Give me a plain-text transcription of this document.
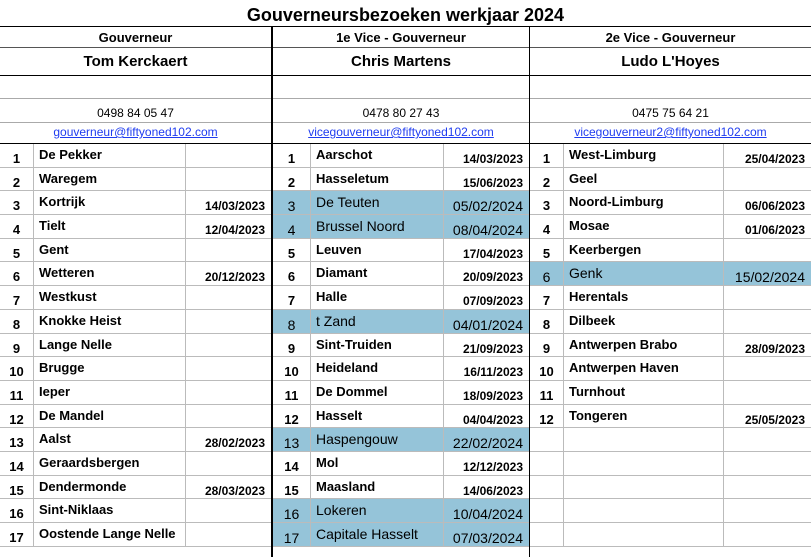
Gouverneursbezoeken werkjaar 2024
Gouverneur
Tom Kerckaert
0498 84 05 47
gouverneur@fiftyoned102.com
1	De Pekker
2	Waregem
3	Kortrijk	14/03/2023
4	Tielt	12/04/2023
5	Gent
6	Wetteren	20/12/2023
7	Westkust
8	Knokke Heist
9	Lange Nelle
10	Brugge
11	Ieper
12	De Mandel
13	Aalst	28/02/2023
14	Geraardsbergen
15	Dendermonde	28/03/2023
16	Sint-Niklaas
17	Oostende Lange Nelle
1e Vice - Gouverneur
Chris Martens
0478 80 27 43
vicegouverneur@fiftyoned102.com
1	Aarschot	14/03/2023
2	Hasseletum	15/06/2023
3	De Teuten	05/02/2024
4	Brussel Noord	08/04/2024
5	Leuven	17/04/2023
6	Diamant	20/09/2023
7	Halle	07/09/2023
8	t Zand	04/01/2024
9	Sint-Truiden	21/09/2023
10	Heideland	16/11/2023
11	De Dommel	18/09/2023
12	Hasselt	04/04/2023
13	Haspengouw	22/02/2024
14	Mol	12/12/2023
15	Maasland	14/06/2023
16	Lokeren	10/04/2024
17	Capitale Hasselt	07/03/2024
2e Vice - Gouverneur
Ludo L'Hoyes
0475 75 64 21
vicegouverneur2@fiftyoned102.com
1	West-Limburg	25/04/2023
2	Geel
3	Noord-Limburg	06/06/2023
4	Mosae	01/06/2023
5	Keerbergen
6	Genk	15/02/2024
7	Herentals
8	Dilbeek
9	Antwerpen Brabo	28/09/2023
10	Antwerpen Haven
11	Turnhout
12	Tongeren	25/05/2023
